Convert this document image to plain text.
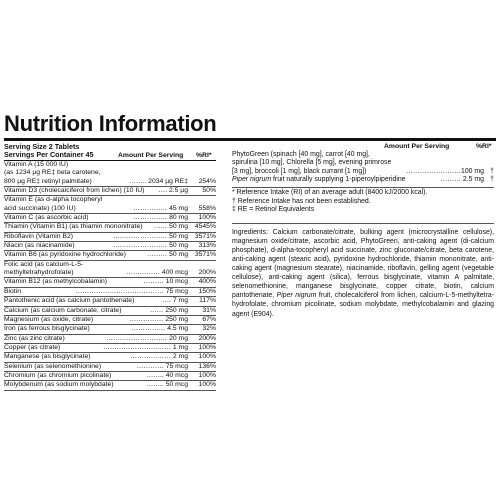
Nutrition Information
Serving Size 2 Tablets
Servings Per Container 45	Amount Per Serving %RI*
Vitamin A (15 000 IU)
(as 1234 µg RE‡ beta carotene,
800 µg RE‡ retinyl palmitate)	…….. 2034 µg RE‡	254%
Vitamin D3 (cholecalciferol from lichen) (10 IU)	…. 2.5 µg	50%
Vitamin E (as d-alpha tocopheryl
acid succinate) (100 IU)	…………… 45 mg	558%
Vitamin C (as ascorbic acid)	…………… 80 mg	100%
Thiamin (Vitamin B1) (as thiamin mononitrate)	…… 50 mg	4545%
Riboflavin (Vitamin B2)	…………………… 50 mg	3571%
Niacin (as niacinamide)	…………………… 50 mg	313%
Vitamin B6 (as pyridoxine hydrochloride)	……… 50 mg	3571%
Folic acid (as calcium-L-5-
methyltetrahydrofolate)	…………… 400 mcg	200%
Vitamin B12 (as methylcobalamin)	……… 10 mcg	400%
Biotin	………………………………… 75 mcg	150%
Pantothenic acid (as calcium pantothenate)	…. 7 mg	117%
Calcium (as calcium carbonate, citrate)	…… 250 mg	31%
Magnesium (as oxide, citrate)	…………… 250 mg	67%
Iron (as ferrous bisglycinate)	…………… 4.5 mg	32%
Zinc (as zinc citrate)	……………………… 20 mg	200%
Copper (as citrate)	………………………… 1 mg	100%
Manganese (as bisglycinate)	……………… 2 mg	100%
Selenium (as selenomethionine)	………… 75 mcg	136%
Chromium (as chromium picolinate)	…….. 40 mcg	100%
Molybdenum (as sodium molybdate)	…….. 50 mcg	100%
Amount Per Serving	%RI*
PhytoGreen (spinach [40 mg], carrot [40 mg],
spirulina [10 mg], Chlorella [5 mg], evening primrose
[3 mg], broccoli [1 mg], black currant [1 mg])	……………………100 mg †
Piper nigrum fruit naturally supplying 1-piperoylpiperidine	……… 2.5 mg †
* Reference Intake (RI) of an average adult (8400 kJ/2000 kcal).
† Reference Intake has not been established.
‡ RE = Retinol Equivalents
Ingredients: Calcium carbonate/citrate, bulking agent (microcrystalline cellulose), magnesium oxide/citrate, ascorbic acid, PhytoGreen, anti-caking agent (di-calcium phosphate), d-alpha-tocopheryl acid succinate, zinc gluconate/citrate, beta carotene, anti-caking agent (stearic acid), pyridoxine hydrochloride, thiamin mononitrate, anti-caking agent (magnesium stearate), niacinamide, riboflavin, gelling agent (vegetable cellulose), anti-caking agent (silica), ferrous bisglycinate, vitamin A palmitate, selenomethionine, manganese bisglycinate, copper citrate, biotin, calcium pantothenate, Piper nigrum fruit, cholecalciferol from lichen, calcium-L-5-methyltetra-hydrofolate, chromium picolinate, sodium molybdate, methylcobalamin and glazing agent (E904).
